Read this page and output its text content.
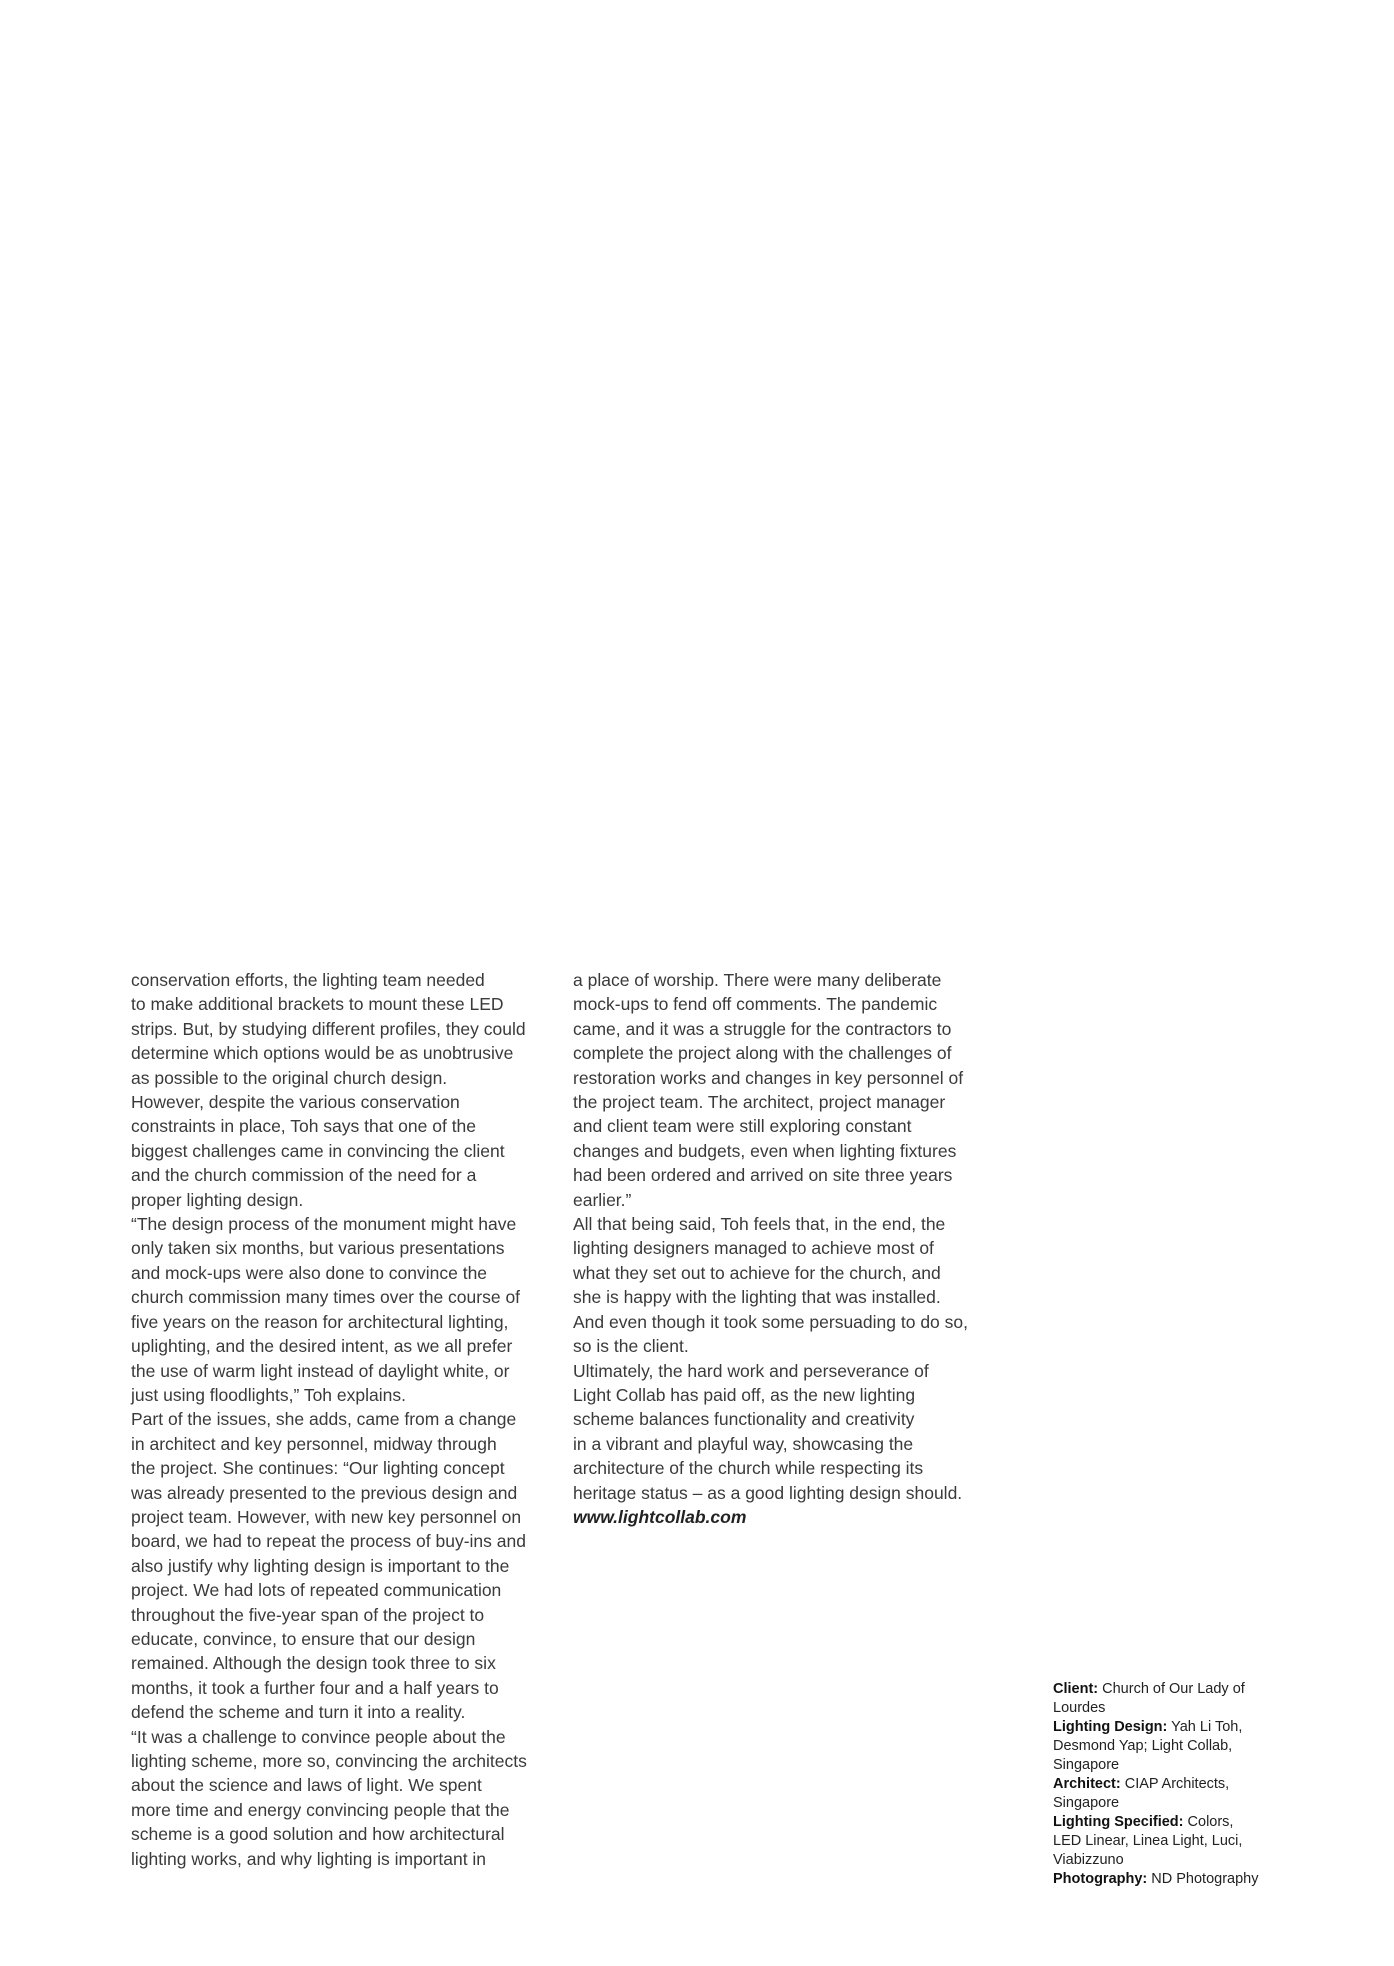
conservation efforts, the lighting team needed
to make additional brackets to mount these LED
strips. But, by studying different profiles, they could
determine which options would be as unobtrusive
as possible to the original church design.
However, despite the various conservation
constraints in place, Toh says that one of the
biggest challenges came in convincing the client
and the church commission of the need for a
proper lighting design.
“The design process of the monument might have
only taken six months, but various presentations
and mock-ups were also done to convince the
church commission many times over the course of
five years on the reason for architectural lighting,
uplighting, and the desired intent, as we all prefer
the use of warm light instead of daylight white, or
just using floodlights,” Toh explains.
Part of the issues, she adds, came from a change
in architect and key personnel, midway through
the project. She continues: “Our lighting concept
was already presented to the previous design and
project team. However, with new key personnel on
board, we had to repeat the process of buy-ins and
also justify why lighting design is important to the
project. We had lots of repeated communication
throughout the five-year span of the project to
educate, convince, to ensure that our design
remained. Although the design took three to six
months, it took a further four and a half years to
defend the scheme and turn it into a reality.
“It was a challenge to convince people about the
lighting scheme, more so, convincing the architects
about the science and laws of light. We spent
more time and energy convincing people that the
scheme is a good solution and how architectural
lighting works, and why lighting is important in
a place of worship. There were many deliberate
mock-ups to fend off comments. The pandemic
came, and it was a struggle for the contractors to
complete the project along with the challenges of
restoration works and changes in key personnel of
the project team. The architect, project manager
and client team were still exploring constant
changes and budgets, even when lighting fixtures
had been ordered and arrived on site three years
earlier.”
All that being said, Toh feels that, in the end, the
lighting designers managed to achieve most of
what they set out to achieve for the church, and
she is happy with the lighting that was installed.
And even though it took some persuading to do so,
so is the client.
Ultimately, the hard work and perseverance of
Light Collab has paid off, as the new lighting
scheme balances functionality and creativity
in a vibrant and playful way, showcasing the
architecture of the church while respecting its
heritage status – as a good lighting design should.
www.lightcollab.com
Client: Church of Our Lady of
Lourdes
Lighting Design: Yah Li Toh,
Desmond Yap; Light Collab,
Singapore
Architect: CIAP Architects,
Singapore
Lighting Specified: Colors,
LED Linear, Linea Light, Luci,
Viabizzuno
Photography: ND Photography
